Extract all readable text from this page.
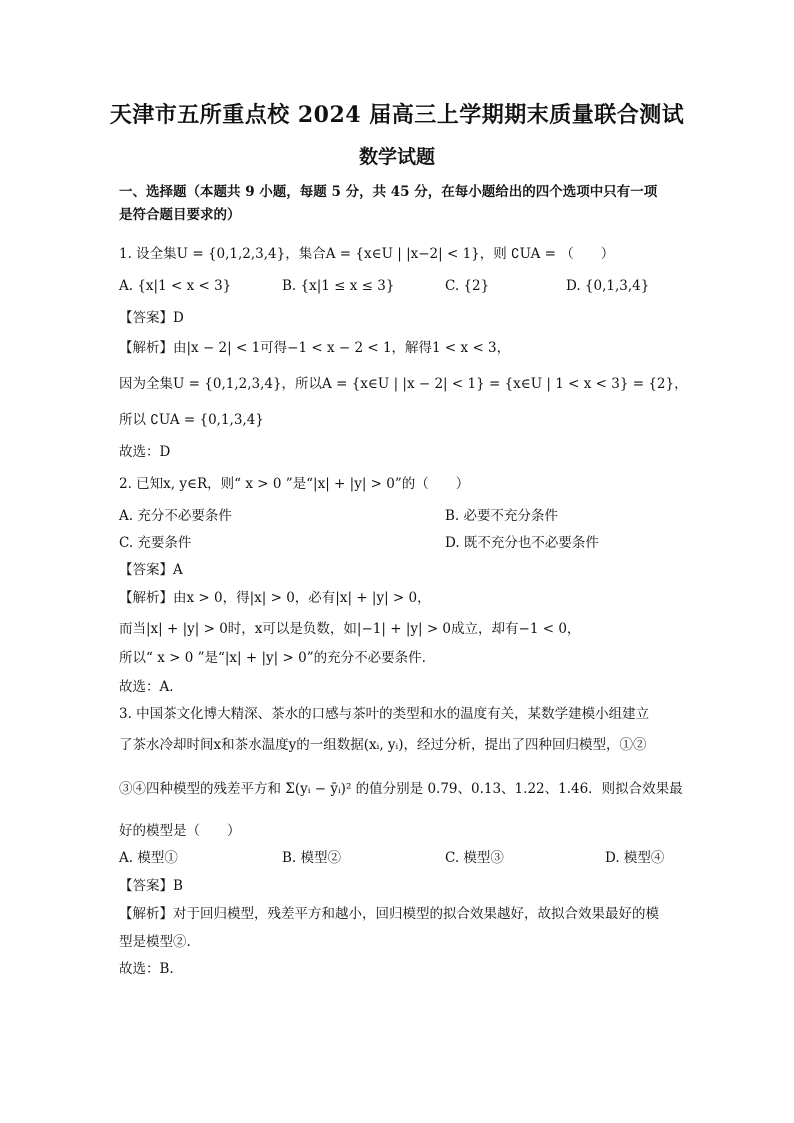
天津市五所重点校 2024 届高三上学期期末质量联合测试
数学试题
一、选择题（本题共 9 小题，每题 5 分，共 45 分，在每小题给出的四个选项中只有一项
是符合题目要求的）
1. 设全集U = {0,1,2,3,4}，集合A = {x∈U | |x−2| < 1}，则 ∁UA = （　　）
A. {x|1 < x < 3}	B. {x|1 ≤ x ≤ 3}	C. {2}	D. {0,1,3,4}
【答案】D
【解析】由|x − 2| < 1可得−1 < x − 2 < 1，解得1 < x < 3，
因为全集U = {0,1,2,3,4}，所以A = {x∈U | |x − 2| < 1} = {x∈U | 1 < x < 3} = {2}，
所以 ∁UA = {0,1,3,4}
故选：D
2. 已知x, y∈R，则“ x > 0 ”是“|x| + |y| > 0”的（　　）
A. 充分不必要条件	B. 必要不充分条件
C. 充要条件	D. 既不充分也不必要条件
【答案】A
【解析】由x > 0，得|x| > 0，必有|x| + |y| > 0，
而当|x| + |y| > 0时，x可以是负数，如|−1| + |y| > 0成立，却有−1 < 0，
所以“ x > 0 ”是“|x| + |y| > 0”的充分不必要条件.
故选：A.
3. 中国茶文化博大精深、茶水的口感与茶叶的类型和水的温度有关，某数学建模小组建立
了茶水冷却时间x和茶水温度y的一组数据(xᵢ, yᵢ)，经过分析，提出了四种回归模型，①②
③④四种模型的残差平方和 Σ(yᵢ − ȳᵢ)² 的值分别是 0.79、0.13、1.22、1.46．则拟合效果最
好的模型是（　　）
A. 模型①	B. 模型②	C. 模型③	D. 模型④
【答案】B
【解析】对于回归模型，残差平方和越小，回归模型的拟合效果越好，故拟合效果最好的模
型是模型②.
故选：B.
